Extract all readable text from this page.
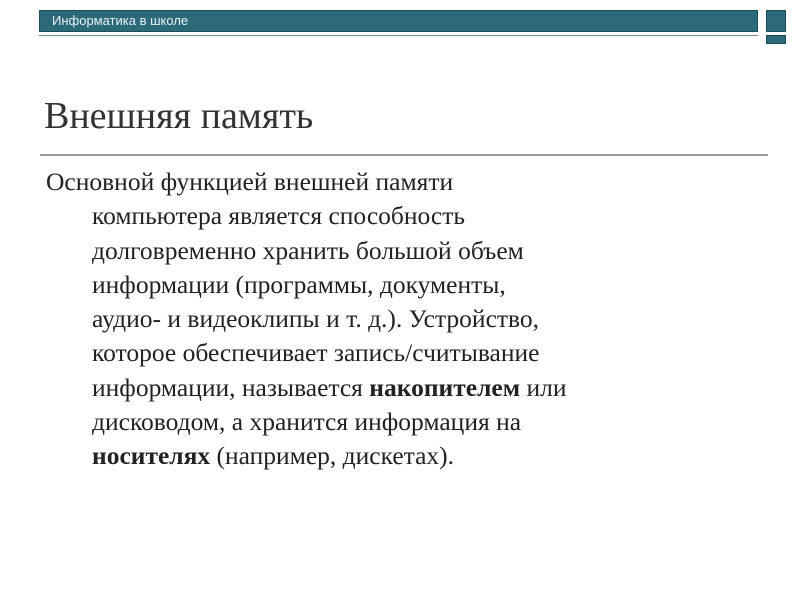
Информатика в школе	www.klyaksa.net
Внешняя память
Основной функцией внешней памяти
компьютера является способность
долговременно хранить большой объем
информации (программы, документы,
аудио- и видеоклипы и т. д.). Устройство,
которое обеспечивает запись/считывание
информации, называется накопителем или
дисководом, а хранится информация на
носителях (например, дискетах).
